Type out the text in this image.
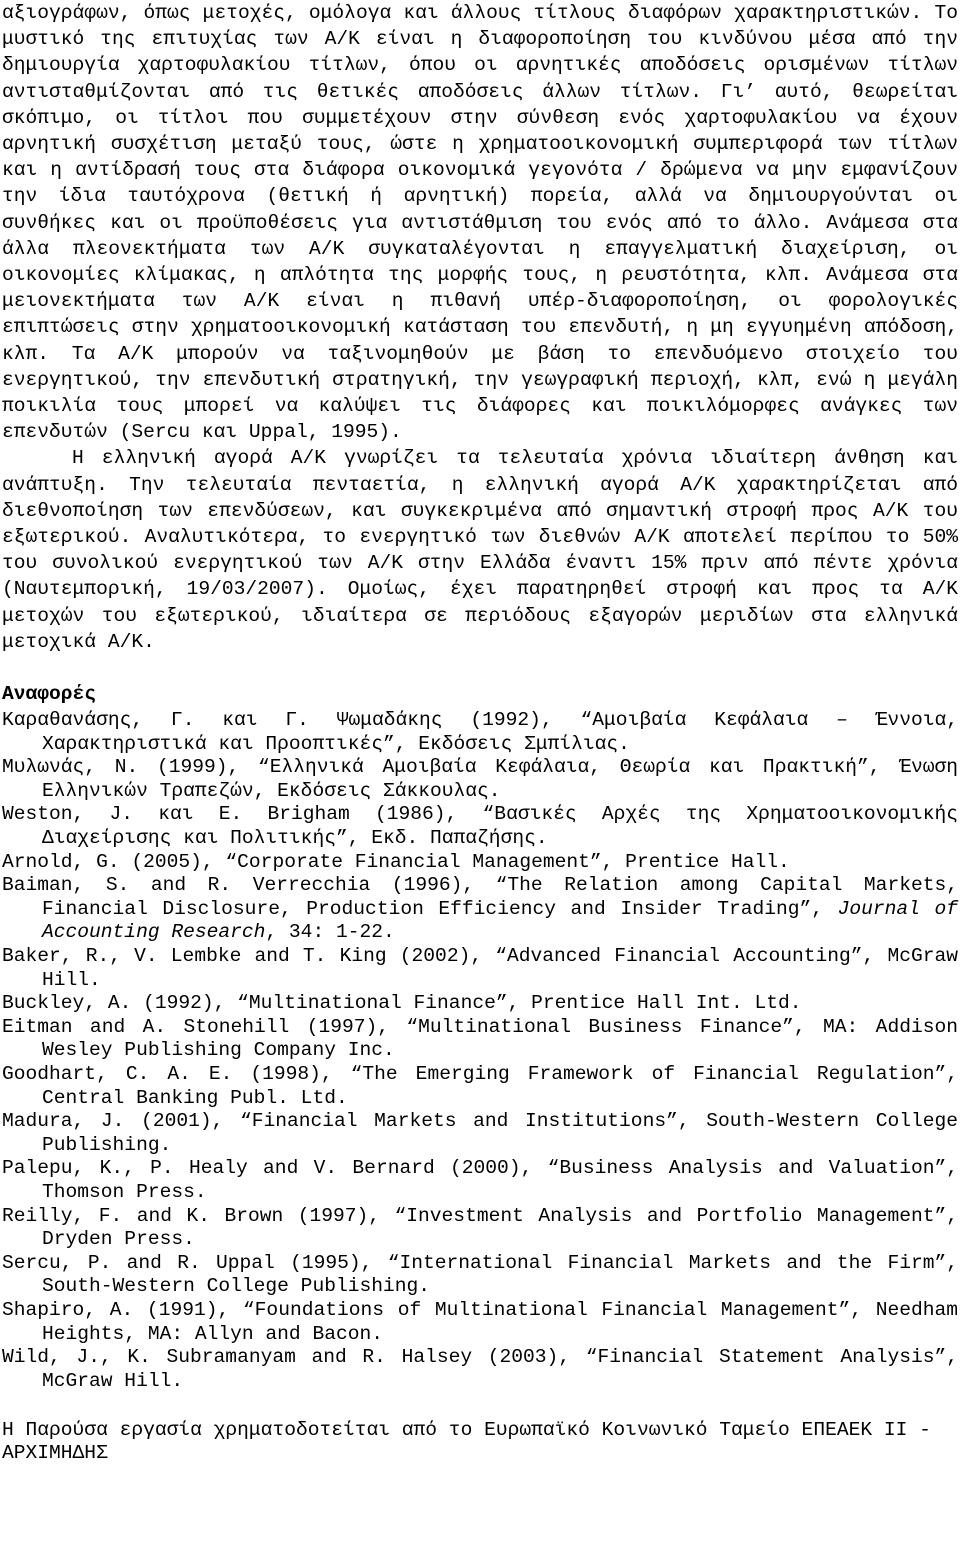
αξιογράφων, όπως μετοχές, ομόλογα και άλλους τίτλους διαφόρων χαρακτηριστικών. Το μυστικό της επιτυχίας των Α/Κ είναι η διαφοροποίηση του κινδύνου μέσα από την δημιουργία χαρτοφυλακίου τίτλων, όπου οι αρνητικές αποδόσεις ορισμένων τίτλων αντισταθμίζονται από τις θετικές αποδόσεις άλλων τίτλων. Γι’ αυτό, θεωρείται σκόπιμο, οι τίτλοι που συμμετέχουν στην σύνθεση ενός χαρτοφυλακίου να έχουν αρνητική συσχέτιση μεταξύ τους, ώστε η χρηματοοικονομική συμπεριφορά των τίτλων και η αντίδρασή τους στα διάφορα οικονομικά γεγονότα / δρώμενα να μην εμφανίζουν την ίδια ταυτόχρονα (θετική ή αρνητική) πορεία, αλλά να δημιουργούνται οι συνθήκες και οι προϋποθέσεις για αντιστάθμιση του ενός από το άλλο. Ανάμεσα στα άλλα πλεονεκτήματα των Α/Κ συγκαταλέγονται η επαγγελματική διαχείριση, οι οικονομίες κλίμακας, η απλότητα της μορφής τους, η ρευστότητα, κλπ. Ανάμεσα στα μειονεκτήματα των Α/Κ είναι η πιθανή υπέρ-διαφοροποίηση, οι φορολογικές επιπτώσεις στην χρηματοοικονομική κατάσταση του επενδυτή, η μη εγγυημένη απόδοση, κλπ. Τα Α/Κ μπορούν να ταξινομηθούν με βάση το επενδυόμενο στοιχείο του ενεργητικού, την επενδυτική στρατηγική, την γεωγραφική περιοχή, κλπ, ενώ η μεγάλη ποικιλία τους μπορεί να καλύψει τις διάφορες και ποικιλόμορφες ανάγκες των επενδυτών (Sercu και Uppal, 1995).

Η ελληνική αγορά Α/Κ γνωρίζει τα τελευταία χρόνια ιδιαίτερη άνθηση και ανάπτυξη. Την τελευταία πενταετία, η ελληνική αγορά Α/Κ χαρακτηρίζεται από διεθνοποίηση των επενδύσεων, και συγκεκριμένα από σημαντική στροφή προς Α/Κ του εξωτερικού. Αναλυτικότερα, το ενεργητικό των διεθνών Α/Κ αποτελεί περίπου το 50% του συνολικού ενεργητικού των Α/Κ στην Ελλάδα έναντι 15% πριν από πέντε χρόνια (Ναυτεμπορική, 19/03/2007). Ομοίως, έχει παρατηρηθεί στροφή και προς τα Α/Κ μετοχών του εξωτερικού, ιδιαίτερα σε περιόδους εξαγορών μεριδίων στα ελληνικά μετοχικά Α/Κ.

Αναφορές

Καραθανάσης, Γ. και Γ. Ψωμαδάκης (1992), “Αμοιβαία Κεφάλαια – Έννοια, Χαρακτηριστικά και Προοπτικές”, Εκδόσεις Σμπίλιας.

Μυλωνάς, Ν. (1999), “Ελληνικά Αμοιβαία Κεφάλαια, Θεωρία και Πρακτική”, Ένωση Ελληνικών Τραπεζών, Εκδόσεις Σάκκουλας.

Weston, J. και E. Brigham (1986), “Βασικές Αρχές της Χρηματοοικονομικής Διαχείρισης και Πολιτικής”, Εκδ. Παπαζήσης.

Arnold, G. (2005), “Corporate Financial Management”, Prentice Hall.

Baiman, S. and R. Verrecchia (1996), “The Relation among Capital Markets, Financial Disclosure, Production Efficiency and Insider Trading”, Journal of Accounting Research, 34: 1-22.

Baker, R., V. Lembke and T. King (2002), “Advanced Financial Accounting”, McGraw Hill.

Buckley, A. (1992), “Multinational Finance”, Prentice Hall Int. Ltd.

Eitman and A. Stonehill (1997), “Multinational Business Finance”, MA: Addison Wesley Publishing Company Inc.

Goodhart, C. A. E. (1998), “The Emerging Framework of Financial Regulation”, Central Banking Publ. Ltd.

Madura, J. (2001), “Financial Markets and Institutions”, South-Western College Publishing.

Palepu, K., P. Healy and V. Bernard (2000), “Business Analysis and Valuation”, Thomson Press.

Reilly, F. and K. Brown (1997), “Investment Analysis and Portfolio Management”, Dryden Press.

Sercu, P. and R. Uppal (1995), “International Financial Markets and the Firm”, South-Western College Publishing.

Shapiro, A. (1991), “Foundations of Multinational Financial Management”, Needham Heights, MA: Allyn and Bacon.

Wild, J., K. Subramanyam and R. Halsey (2003), “Financial Statement Analysis”, McGraw Hill.

Η Παρούσα εργασία χρηματοδοτείται από το Ευρωπαϊκό Κοινωνικό Ταμείο ΕΠΕΑΕΚ II - ΑΡΧΙΜΗΔΗΣ
